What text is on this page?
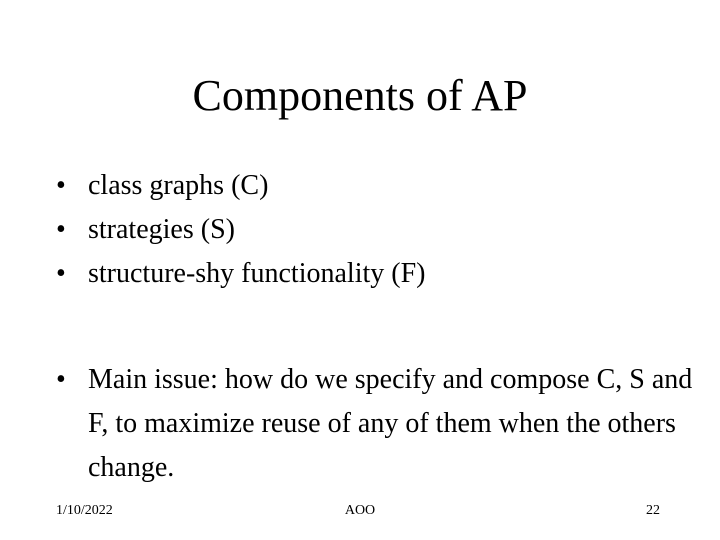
Components of AP
• class graphs (C)
• strategies (S)
• structure-shy functionality (F)
• Main issue: how do we specify and compose C, S and F, to maximize reuse of any of them when the others change.
1/10/2022	AOO	22
